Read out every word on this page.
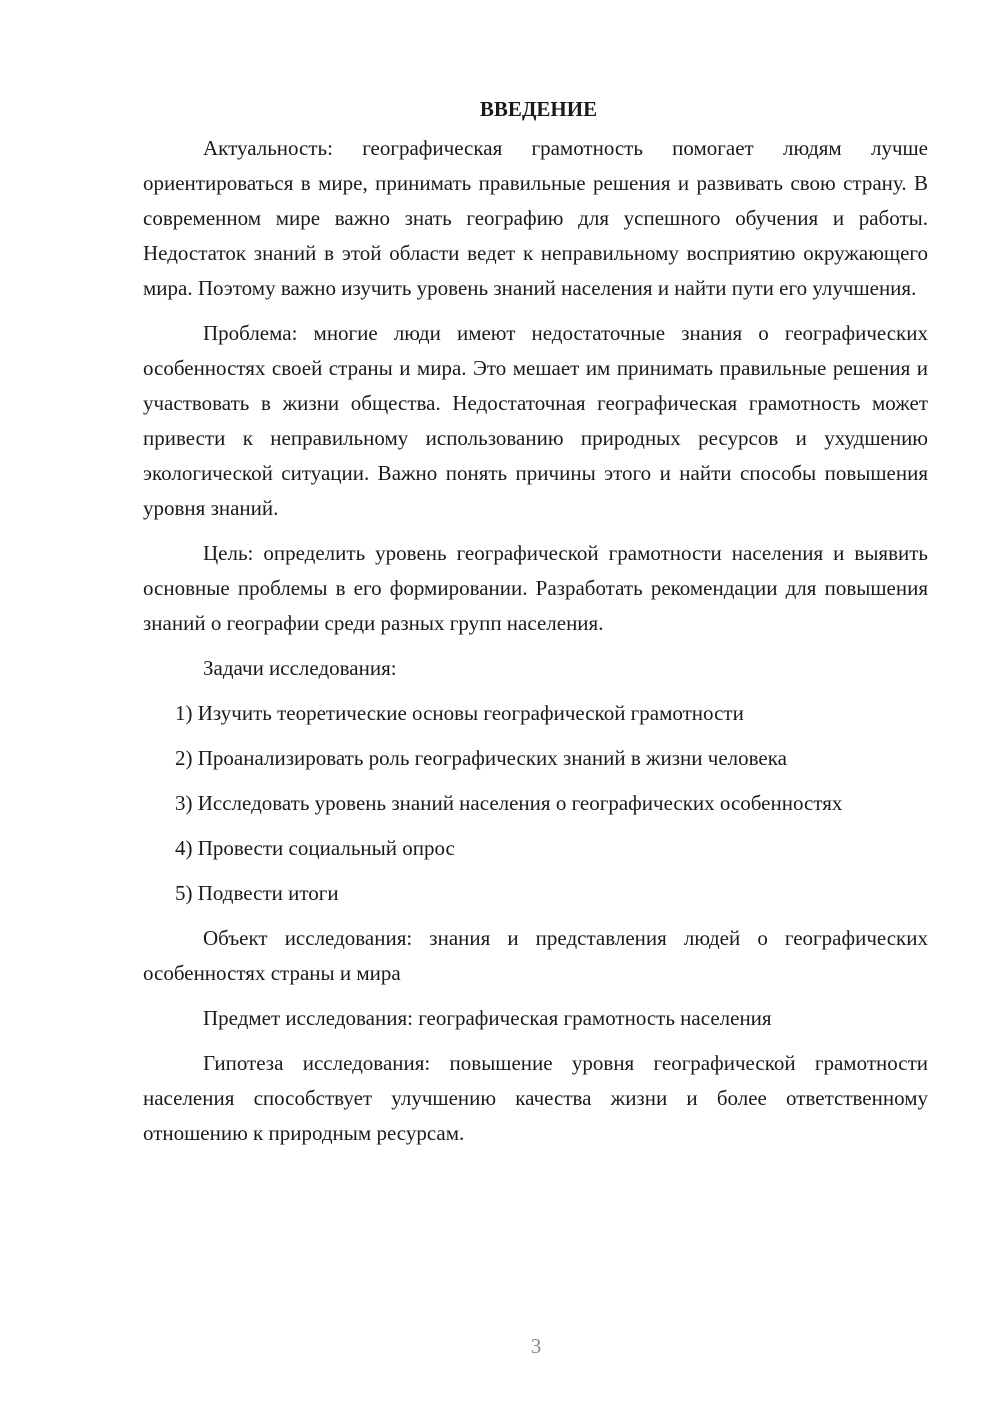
ВВЕДЕНИЕ

Актуальность: географическая грамотность помогает людям лучше ориентироваться в мире, принимать правильные решения и развивать свою страну. В современном мире важно знать географию для успешного обучения и работы. Недостаток знаний в этой области ведет к неправильному восприятию окружающего мира. Поэтому важно изучить уровень знаний населения и найти пути его улучшения.

Проблема: многие люди имеют недостаточные знания о географических особенностях своей страны и мира. Это мешает им принимать правильные решения и участвовать в жизни общества. Недостаточная географическая грамотность может привести к неправильному использованию природных ресурсов и ухудшению экологической ситуации. Важно понять причины этого и найти способы повышения уровня знаний.

Цель: определить уровень географической грамотности населения и выявить основные проблемы в его формировании. Разработать рекомендации для повышения знаний о географии среди разных групп населения.

Задачи исследования:

1) Изучить теоретические основы географической грамотности

2) Проанализировать роль географических знаний в жизни человека

3) Исследовать уровень знаний населения о географических особенностях

4) Провести социальный опрос

5) Подвести итоги

Объект исследования: знания и представления людей о географических особенностях страны и мира

Предмет исследования: географическая грамотность населения

Гипотеза исследования: повышение уровня географической грамотности населения способствует улучшению качества жизни и более ответственному отношению к природным ресурсам.

3
